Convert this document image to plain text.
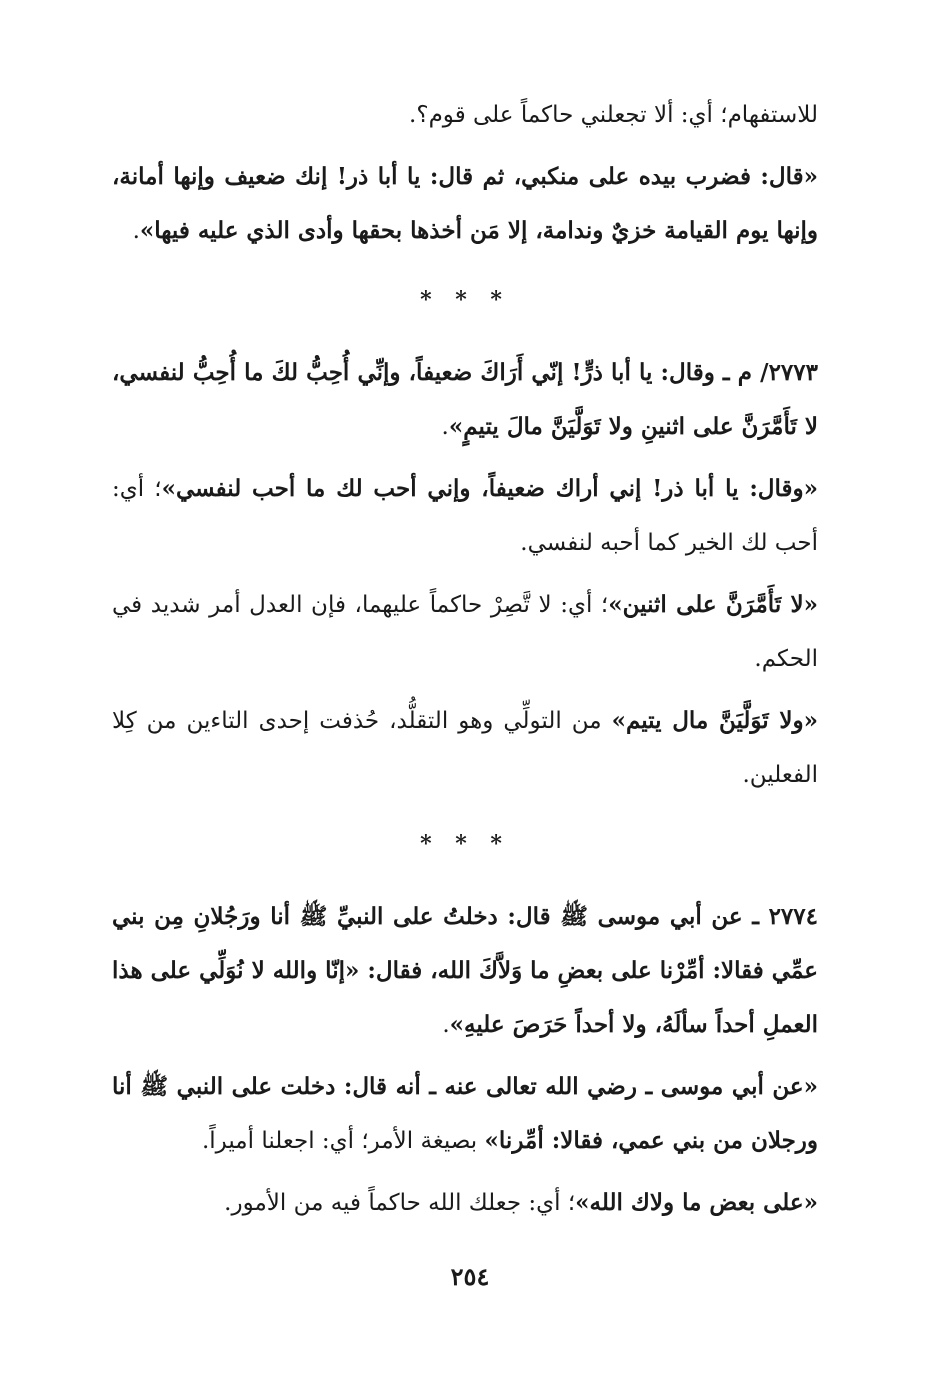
للاستفهام؛ أي: ألا تجعلني حاكماً على قوم؟.

«قال: فضرب بيده على منكبي، ثم قال: يا أبا ذر! إنك ضعيف وإنها أمانة، وإنها يوم القيامة خزيٌ وندامة، إلا مَن أخذها بحقها وأدى الذي عليه فيها».

* * *

٢٧٧٣/ م ـ وقال: يا أبا ذرٍّ! إنّي أَرَاكَ ضعيفاً، وإنِّي أُحِبُّ لكَ ما أُحِبُّ لنفسي، لا تَأَمَّرَنَّ على اثنينِ ولا تَوَلَّيَنَّ مالَ يتيمٍ».

«وقال: يا أبا ذر! إني أراك ضعيفاً، وإني أحب لك ما أحب لنفسي»؛ أي: أحب لك الخير كما أحبه لنفسي.

«لا تَأَمَّرَنَّ على اثنين»؛ أي: لا تَّصِرْ حاكماً عليهما، فإن العدل أمر شديد في الحكم.

«ولا تَوَلَّيَنَّ مال يتيم» من التولِّي وهو التقلُّد، حُذفت إحدى التاءين من كِلا الفعلين.

* * *

٢٧٧٤ ـ عن أبي موسى ﷺ قال: دخلتُ على النبيِّ ﷺ أنا ورَجُلانِ مِن بني عمِّي فقالا: أمِّرْنا على بعضِ ما وَلاَّكَ الله، فقال: «إنّا والله لا نُوَلِّي على هذا العملِ أحداً سألَهُ، ولا أحداً حَرَصَ عليهِ».

«عن أبي موسى ـ رضي الله تعالى عنه ـ أنه قال: دخلت على النبي ﷺ أنا ورجلان من بني عمي، فقالا: أمِّرنا» بصيغة الأمر؛ أي: اجعلنا أميراً.

«على بعض ما ولاك الله»؛ أي: جعلك الله حاكماً فيه من الأمور.

٢٥٤
